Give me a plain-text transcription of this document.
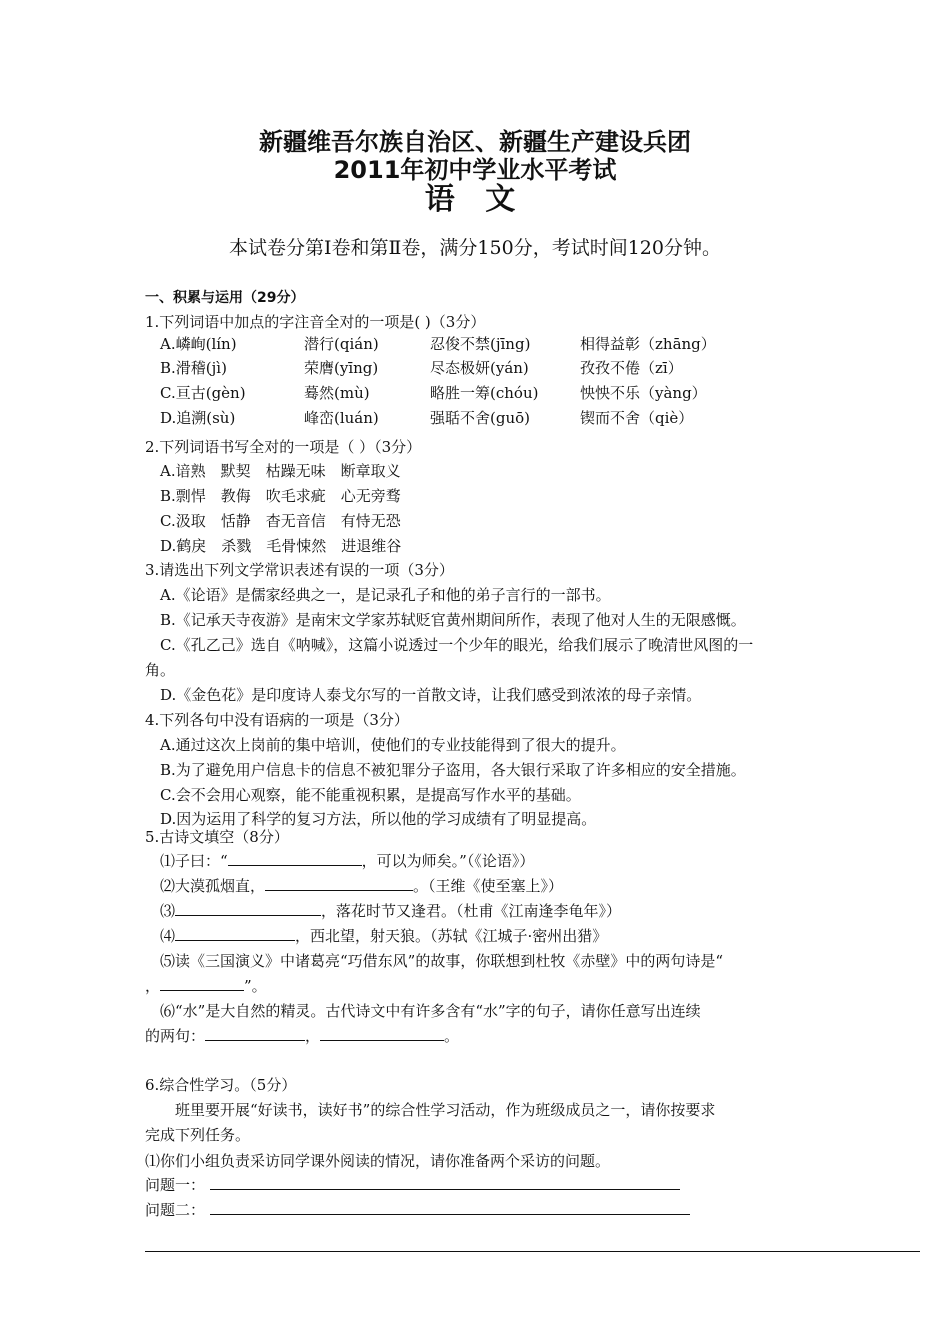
新疆维吾尔族自治区、新疆生产建设兵团
2011年初中学业水平考试
语 文
本试卷分第Ⅰ卷和第Ⅱ卷，满分150分，考试时间120分钟。
一、积累与运用（29分）
1.下列词语中加点的字注音全对的一项是( )（3分）
A.嶙峋(lín)	潜行(qián)	忍俊不禁(jīng)	相得益彰（zhāng）
B.滑稽(jì)	荣膺(yīng)	尽态极妍(yán)	孜孜不倦（zī）
C.亘古(gèn)	蓦然(mù)	略胜一筹(chóu)	怏怏不乐（yàng）
D.追溯(sù)	峰峦(luán)	强聒不舍(guō)	锲而不舍（qiè）
2.下列词语书写全对的一项是（ ）（3分）
A.谙熟　默契　枯躁无味　断章取义
B.剽悍　教侮　吹毛求疵　心无旁骛
C.汲取　恬静　杳无音信　有恃无恐
D.鹤戾　杀戮　毛骨悚然　进退维谷
3.请选出下列文学常识表述有误的一项（3分）
A.《论语》是儒家经典之一，是记录孔子和他的弟子言行的一部书。
B.《记承天寺夜游》是南宋文学家苏轼贬官黄州期间所作，表现了他对人生的无限感慨。
C.《孔乙己》选自《呐喊》，这篇小说透过一个少年的眼光，给我们展示了晚清世风图的一
角。
D.《金色花》是印度诗人泰戈尔写的一首散文诗，让我们感受到浓浓的母子亲情。
4.下列各句中没有语病的一项是（3分）
A.通过这次上岗前的集中培训，使他们的专业技能得到了很大的提升。
B.为了避免用户信息卡的信息不被犯罪分子盗用，各大银行采取了许多相应的安全措施。
C.会不会用心观察，能不能重视积累，是提高写作水平的基础。
D.因为运用了科学的复习方法，所以他的学习成绩有了明显提高。
5.古诗文填空（8分）
⑴子曰：“	，可以为师矣。”（《论语》）
⑵大漠孤烟直，	。（王维《使至塞上》）
⑶	，落花时节又逢君。（杜甫《江南逢李龟年》）
⑷	，西北望，射天狼。（苏轼《江城子·密州出猎》
⑸读《三国演义》中诸葛亮“巧借东风”的故事，你联想到杜牧《赤壁》中的两句诗是“
，	”。
⑹“水”是大自然的精灵。古代诗文中有许多含有“水”字的句子，请你任意写出连续
的两句：	，	。
6.综合性学习。（5分）
班里要开展“好读书，读好书”的综合性学习活动，作为班级成员之一，请你按要求
完成下列任务。
⑴你们小组负责采访同学课外阅读的情况，请你准备两个采访的问题。
问题一：
问题二：
